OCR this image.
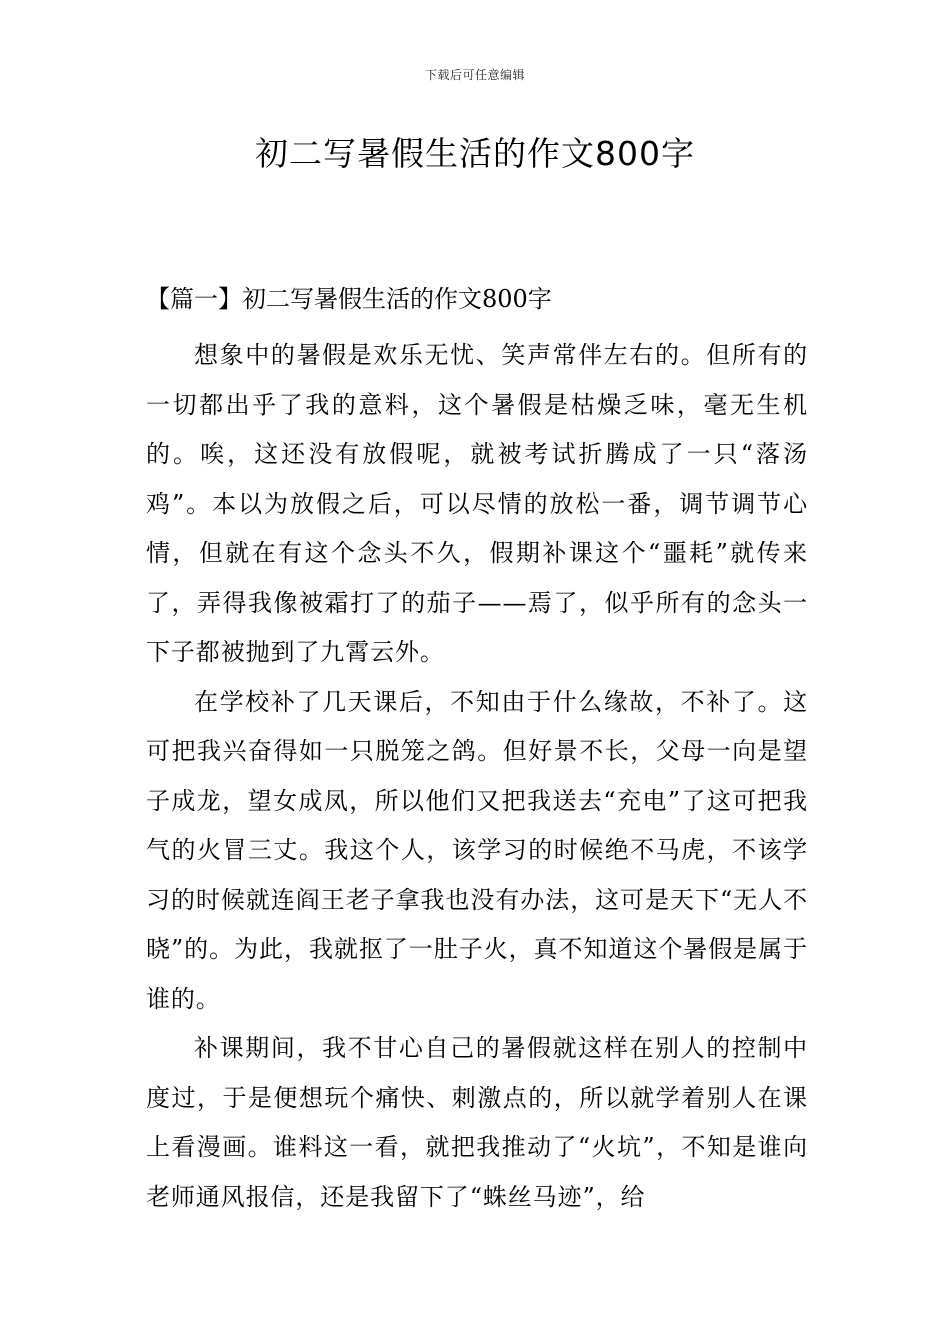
下载后可任意编辑
初二写暑假生活的作文800字
【篇一】初二写暑假生活的作文800字

想象中的暑假是欢乐无忧、笑声常伴左右的。但所有的一切都出乎了我的意料，这个暑假是枯燥乏味，毫无生机的。唉，这还没有放假呢，就被考试折腾成了一只“落汤鸡”。本以为放假之后，可以尽情的放松一番，调节调节心情，但就在有这个念头不久，假期补课这个“噩耗”就传来了，弄得我像被霜打了的茄子——焉了，似乎所有的念头一下子都被抛到了九霄云外。

在学校补了几天课后，不知由于什么缘故，不补了。这可把我兴奋得如一只脱笼之鸽。但好景不长，父母一向是望子成龙，望女成凤，所以他们又把我送去“充电”了这可把我气的火冒三丈。我这个人，该学习的时候绝不马虎，不该学习的时候就连阎王老子拿我也没有办法，这可是天下“无人不晓”的。为此，我就抠了一肚子火，真不知道这个暑假是属于谁的。

补课期间，我不甘心自己的暑假就这样在别人的控制中度过，于是便想玩个痛快、刺激点的，所以就学着别人在课上看漫画。谁料这一看，就把我推动了“火坑”，不知是谁向老师通风报信，还是我留下了“蛛丝马迹”，给
